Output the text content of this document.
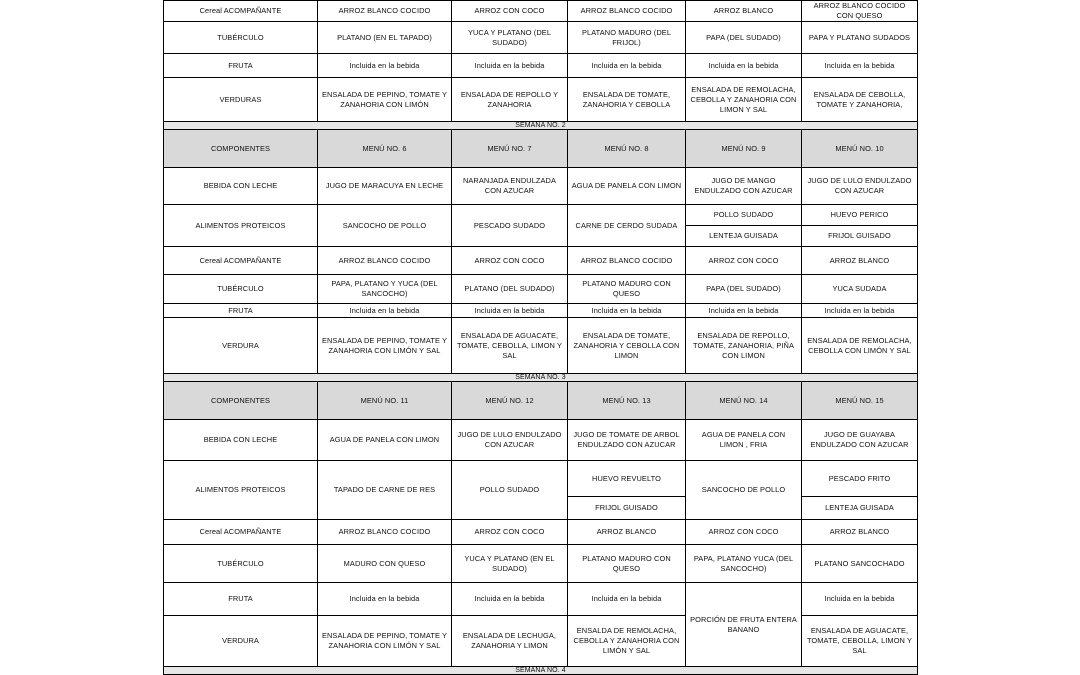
Cereal ACOMPAÑANTE	ARROZ BLANCO COCIDO	ARROZ CON COCO	ARROZ BLANCO COCIDO	ARROZ BLANCO	ARROZ BLANCO COCIDO CON QUESO
TUBÉRCULO	PLATANO (EN EL TAPADO)	YUCA Y PLATANO (DEL SUDADO)	PLATANO MADURO (DEL FRIJOL)	PAPA (DEL SUDADO)	PAPA Y PLATANO SUDADOS
FRUTA	Incluida en la bebida	Incluida en la bebida	Incluida en la bebida	Incluida en la bebida	Incluida en la bebida
VERDURAS	ENSALADA DE PEPINO, TOMATE Y ZANAHORIA CON LIMÓN	ENSALADA DE REPOLLO Y ZANAHORIA	ENSALADA DE TOMATE, ZANAHORIA Y CEBOLLA	ENSALADA DE REMOLACHA, CEBOLLA Y ZANAHORIA CON LIMON Y SAL	ENSALADA DE CEBOLLA, TOMATE Y ZANAHORIA,
SEMANA NO. 2					
COMPONENTES	MENÚ NO. 6	MENÚ NO. 7	MENÚ NO. 8	MENÚ NO. 9	MENÚ NO. 10
BEBIDA CON LECHE	JUGO DE MARACUYA EN LECHE	NARANJADA ENDULZADA CON AZUCAR	AGUA DE PANELA CON LIMON	JUGO DE MANGO ENDULZADO CON AZUCAR	JUGO DE LULO ENDULZADO CON AZUCAR
ALIMENTOS PROTEICOS	SANCOCHO DE POLLO	PESCADO SUDADO	CARNE DE CERDO SUDADA	POLLO SUDADO	HUEVO PERICO
				LENTEJA GUISADA	FRIJOL GUISADO
Cereal ACOMPAÑANTE	ARROZ BLANCO COCIDO	ARROZ CON COCO	ARROZ BLANCO COCIDO	ARROZ CON COCO	ARROZ BLANCO
TUBÉRCULO	PAPA, PLATANO Y YUCA (DEL SANCOCHO)	PLATANO (DEL SUDADO)	PLATANO MADURO CON QUESO	PAPA (DEL SUDADO)	YUCA SUDADA
FRUTA	Incluida en la bebida	Incluida en la bebida	Incluida en la bebida	Incluida en la bebida	Incluida en la bebida
VERDURA	ENSALADA DE PEPINO, TOMATE Y ZANAHORIA CON LIMÓN Y SAL	ENSALADA DE AGUACATE, TOMATE, CEBOLLA, LIMON Y SAL	ENSALADA DE TOMATE, ZANAHORIA Y CEBOLLA CON LIMON	ENSALADA DE REPOLLO, TOMATE, ZANAHORIA, PIÑA CON LIMON	ENSALADA DE REMOLACHA, CEBOLLA CON LIMÓN Y SAL
SEMANA NO. 3					
COMPONENTES	MENÚ NO. 11	MENÚ NO. 12	MENÚ NO. 13	MENÚ NO. 14	MENÚ NO. 15
BEBIDA CON LECHE	AGUA DE PANELA CON LIMON	JUGO DE LULO ENDULZADO CON AZUCAR	JUGO DE TOMATE DE ARBOL ENDULZADO CON AZUCAR	AGUA DE PANELA CON LIMON , FRIA	JUGO DE GUAYABA ENDULZADO CON AZUCAR
ALIMENTOS PROTEICOS	TAPADO DE CARNE DE RES	POLLO SUDADO	HUEVO REVUELTO	SANCOCHO DE POLLO	PESCADO FRITO
			FRIJOL GUISADO		LENTEJA GUISADA
Cereal ACOMPAÑANTE	ARROZ BLANCO COCIDO	ARROZ CON COCO	ARROZ BLANCO	ARROZ CON COCO	ARROZ BLANCO
TUBÉRCULO	MADURO CON QUESO	YUCA Y PLATANO (EN EL SUDADO)	PLATANO MADURO CON QUESO	PAPA, PLATANO YUCA (DEL SANCOCHO)	PLATANO SANCOCHADO
FRUTA	Incluida en la bebida	Incluida en la bebida	Incluida en la bebida	PORCIÓN DE FRUTA ENTERA BANANO	Incluida en la bebida
VERDURA	ENSALADA DE PEPINO, TOMATE Y ZANAHORIA CON LIMÓN Y SAL	ENSALADA DE LECHUGA, ZANAHORIA Y LIMON	ENSALDA DE REMOLACHA, CEBOLLA Y ZANAHORIA CON LIMÓN Y SAL		ENSALADA DE AGUACATE, TOMATE, CEBOLLA, LIMON Y SAL
SEMANA NO. 4					
